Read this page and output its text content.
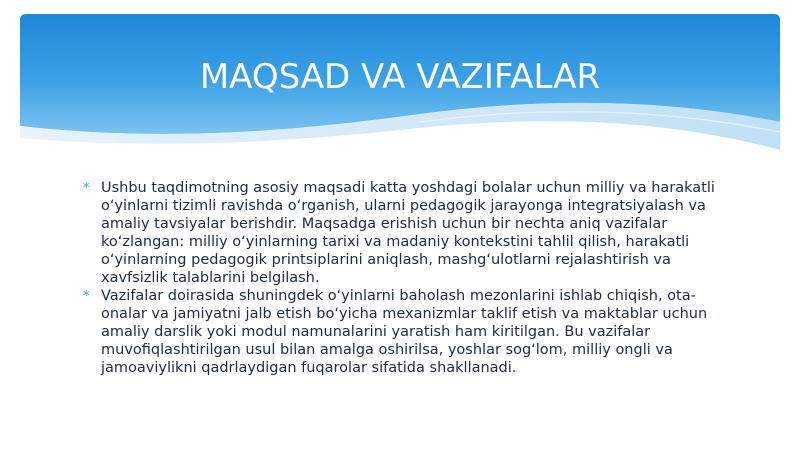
MAQSAD VA VAZIFALAR
* Ushbu taqdimotning asosiy maqsadi katta yoshdagi bolalar uchun milliy va harakatli o‘yinlarni tizimli ravishda o‘rganish, ularni pedagogik jarayonga integratsiyalash va amaliy tavsiyalar berishdir. Maqsadga erishish uchun bir nechta aniq vazifalar ko‘zlangan: milliy o‘yinlarning tarixi va madaniy kontekstini tahlil qilish, harakatli o‘yinlarning pedagogik printsiplarini aniqlash, mashg‘ulotlarni rejalashtirish va xavfsizlik talablarini belgilash.
* Vazifalar doirasida shuningdek o‘yinlarni baholash mezonlarini ishlab chiqish, ota-onalar va jamiyatni jalb etish bo‘yicha mexanizmlar taklif etish va maktablar uchun amaliy darslik yoki modul namunalarini yaratish ham kiritilgan. Bu vazifalar muvofiqlashtirilgan usul bilan amalga oshirilsa, yoshlar sog‘lom, milliy ongli va jamoaviylikni qadrlaydigan fuqarolar sifatida shakllanadi.
